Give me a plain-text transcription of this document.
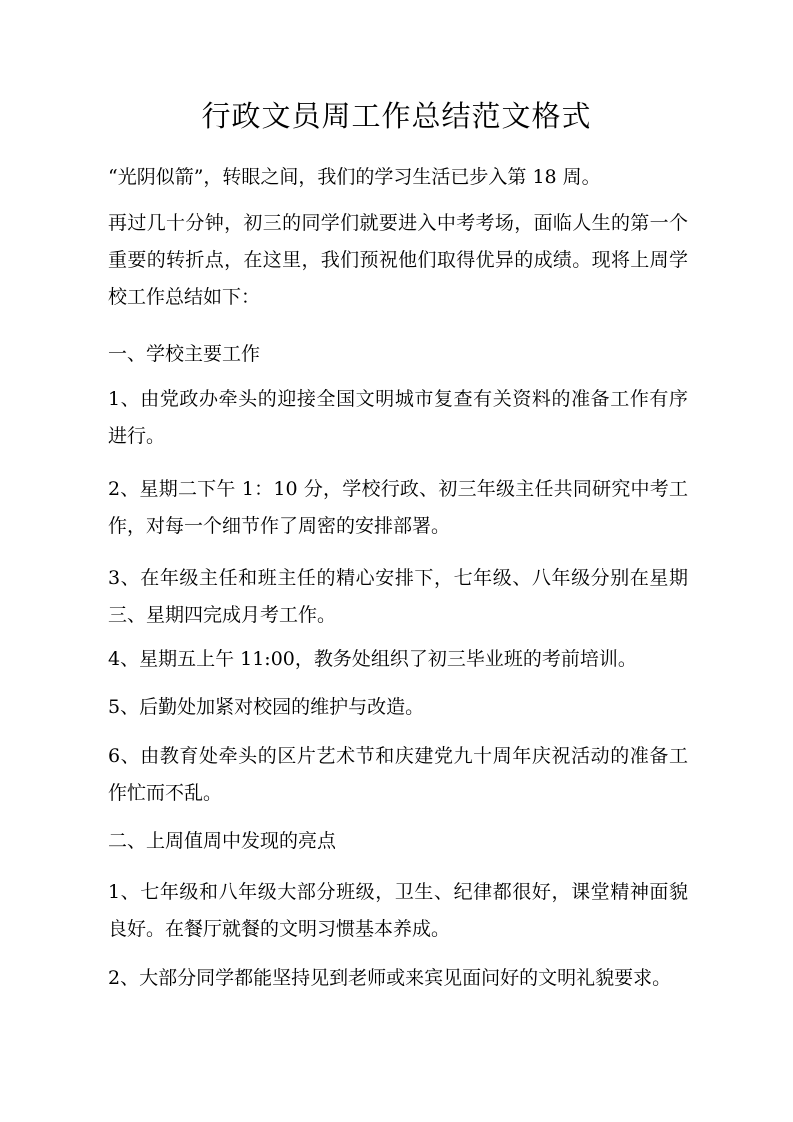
行政文员周工作总结范文格式

“光阴似箭”，转眼之间，我们的学习生活已步入第 18 周。

再过几十分钟，初三的同学们就要进入中考考场，面临人生的第一个重要的转折点，在这里，我们预祝他们取得优异的成绩。现将上周学校工作总结如下：

一、学校主要工作

1、由党政办牵头的迎接全国文明城市复查有关资料的准备工作有序进行。

2、星期二下午 1：10 分，学校行政、初三年级主任共同研究中考工作，对每一个细节作了周密的安排部署。

3、在年级主任和班主任的精心安排下，七年级、八年级分别在星期三、星期四完成月考工作。

4、星期五上午 11:00，教务处组织了初三毕业班的考前培训。

5、后勤处加紧对校园的维护与改造。

6、由教育处牵头的区片艺术节和庆建党九十周年庆祝活动的准备工作忙而不乱。

二、上周值周中发现的亮点

1、七年级和八年级大部分班级，卫生、纪律都很好，课堂精神面貌良好。在餐厅就餐的文明习惯基本养成。

2、大部分同学都能坚持见到老师或来宾见面问好的文明礼貌要求。
